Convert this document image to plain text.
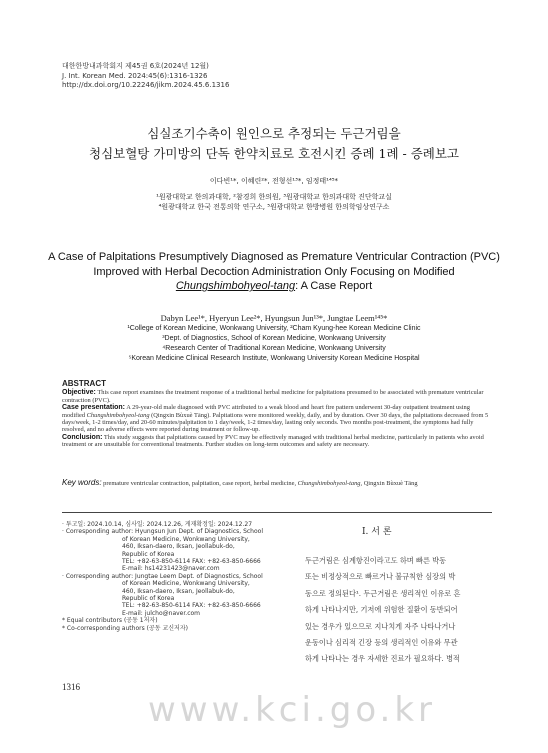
대한한방내과학회지 제45권 6호(2024년 12월)
J. Int. Korean Med. 2024:45(6):1316-1326
http://dx.doi.org/10.22246/jikm.2024.45.6.1316
심실조기수축이 원인으로 추정되는 두근거림을
청심보혈탕 가미방의 단독 한약치료로 호전시킨 증례 1례 - 증례보고
이다빈¹*, 이혜린²*, 전형선¹³*, 임정태¹⁴⁵*
¹원광대학교 한의과대학, ²참경희 한의원, ³원광대학교 한의과대학 진단학교실
⁴원광대학교 한국 전통의학 연구소, ⁵원광대학교 한방병원 한의학임상연구소
A Case of Palpitations Presumptively Diagnosed as Premature Ventricular Contraction (PVC)
Improved with Herbal Decoction Administration Only Focusing on Modified
Chungshimbohyeol-tang: A Case Report
Dabyn Lee¹*, Hyeryun Lee²*, Hyungsun Jun¹³*, Jungtae Leem¹⁴⁵*
¹College of Korean Medicine, Wonkwang University, ²Cham Kyung-hee Korean Medicine Clinic
³Dept. of Diagnostics, School of Korean Medicine, Wonkwang University
⁴Research Center of Traditional Korean Medicine, Wonkwang University
⁵Korean Medicine Clinical Research Institute, Wonkwang University Korean Medicine Hospital
ABSTRACT

Objective: This case report examines the treatment response of a traditional herbal medicine for palpitations presumed to be associated with premature ventricular contraction (PVC).

Case presentation: A 29-year-old male diagnosed with PVC attributed to a weak blood and heart fire pattern underwent 30-day outpatient treatment using modified Chungshimbohyeol-tang (Qingxin Bùxuè Tāng). Palpitations were monitored weekly, daily, and by duration. Over 30 days, the palpitations decreased from 5 days/week, 1-2 times/day, and 20-60 minutes/palpitation to 1 day/week, 1-2 times/day, lasting only seconds. Two months post-treatment, the symptoms had fully resolved, and no adverse effects were reported during treatment or follow-up.

Conclusion: This study suggests that palpitations caused by PVC may be effectively managed with traditional herbal medicine, particularly in patients who avoid treatment or are unsuitable for conventional treatments. Further studies on long-term outcomes and safety are necessary.

Key words: premature ventricular contraction, palpitation, case report, herbal medicine, Chungshimbohyeol-tang, Qingxin Bùxuè Tāng
· 투고일: 2024.10.14, 심사일: 2024.12.26, 게재확정일: 2024.12.27
· Corresponding author: Hyungsun Jun Dept. of Diagnostics, School
of Korean Medicine, Wonkwang University,
460, Iksan-daero, Iksan, Jeollabuk-do,
Republic of Korea
TEL: +82-63-850-6114 FAX: +82-63-850-6666
E-mail: hs14231423@naver.com
· Corresponding author: Jungtae Leem Dept. of Diagnostics, School
of Korean Medicine, Wonkwang University,
460, Iksan-daero, Iksan, Jeollabuk-do,
Republic of Korea
TEL: +82-63-850-6114 FAX: +82-63-850-6666
E-mail: julcho@naver.com
* Equal contributors (공동 1저자)
* Co-corresponding authors (공동 교신저자)
Ⅰ. 서 론
두근거림은 심계항진이라고도 하며 빠른 박동
또는 비정상적으로 빠르거나 불규칙한 심장의 박
동으로 정의된다¹. 두근거림은 생리적인 이유로 흔
하게 나타나지만, 기저에 위험한 질환이 동반되어
있는 경우가 있으므로 지나치게 자주 나타나거나
운동이나 심리적 긴장 등의 생리적인 이유와 무관
하게 나타나는 경우 자세한 진료가 필요하다. 병적
1316
www.kci.go.kr
